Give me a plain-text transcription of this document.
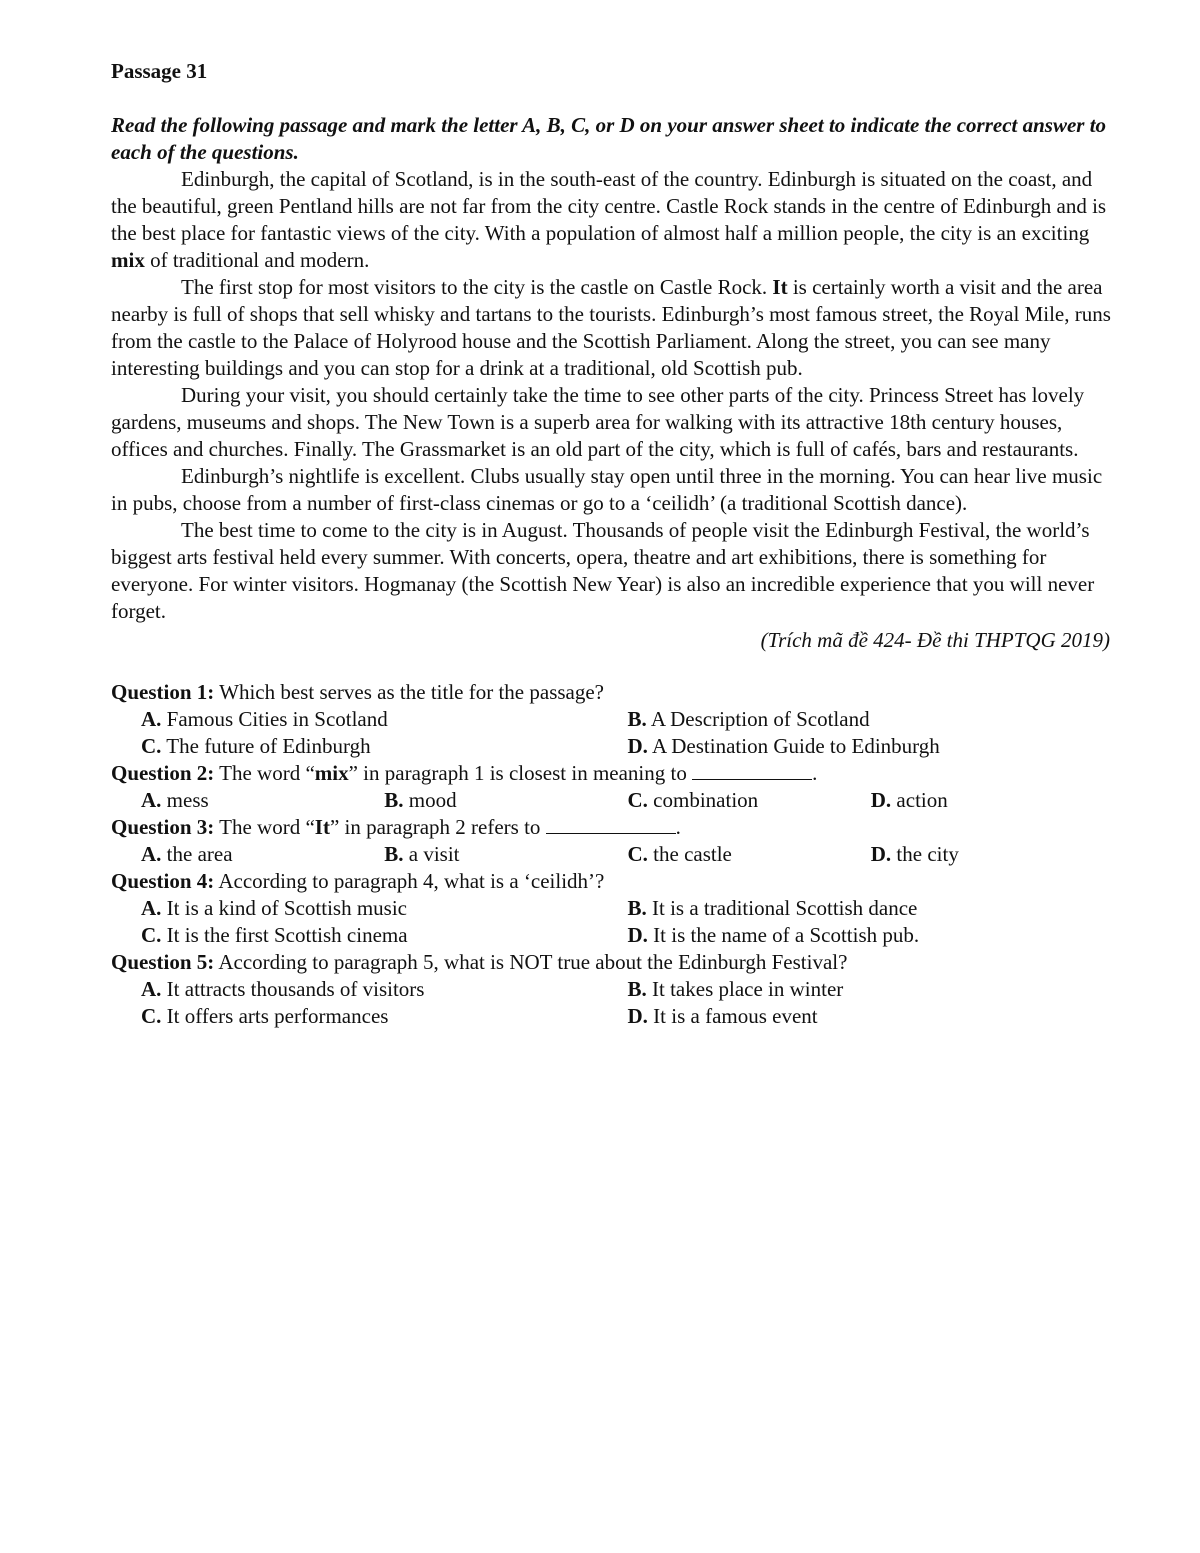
Passage 31

Read the following passage and mark the letter A, B, C, or D on your answer sheet to indicate the correct answer to each of the questions.

Edinburgh, the capital of Scotland, is in the south-east of the country. Edinburgh is situated on the coast, and the beautiful, green Pentland hills are not far from the city centre. Castle Rock stands in the centre of Edinburgh and is the best place for fantastic views of the city. With a population of almost half a million people, the city is an exciting mix of traditional and modern.

The first stop for most visitors to the city is the castle on Castle Rock. It is certainly worth a visit and the area nearby is full of shops that sell whisky and tartans to the tourists. Edinburgh’s most famous street, the Royal Mile, runs from the castle to the Palace of Holyrood house and the Scottish Parliament. Along the street, you can see many interesting buildings and you can stop for a drink at a traditional, old Scottish pub.

During your visit, you should certainly take the time to see other parts of the city. Princess Street has lovely gardens, museums and shops. The New Town is a superb area for walking with its attractive 18th century houses, offices and churches. Finally. The Grassmarket is an old part of the city, which is full of cafés, bars and restaurants.

Edinburgh’s nightlife is excellent. Clubs usually stay open until three in the morning. You can hear live music in pubs, choose from a number of first-class cinemas or go to a ‘ceilidh’ (a traditional Scottish dance).

The best time to come to the city is in August. Thousands of people visit the Edinburgh Festival, the world’s biggest arts festival held every summer. With concerts, opera, theatre and art exhibitions, there is something for everyone. For winter visitors. Hogmanay (the Scottish New Year) is also an incredible experience that you will never forget.

(Trích mã đề 424- Đề thi THPTQG 2019)

Question 1: Which best serves as the title for the passage?

A. Famous Cities in Scotland	B. A Description of Scotland
C. The future of Edinburgh	D. A Destination Guide to Edinburgh

Question 2: The word “mix” in paragraph 1 is closest in meaning to	.

A. mess	B. mood	C. combination	D. action

Question 3: The word “It” in paragraph 2 refers to	.

A. the area	B. a visit	C. the castle	D. the city

Question 4: According to paragraph 4, what is a ‘ceilidh’?

A. It is a kind of Scottish music	B. It is a traditional Scottish dance
C. It is the first Scottish cinema	D. It is the name of a Scottish pub.

Question 5: According to paragraph 5, what is NOT true about the Edinburgh Festival?

A. It attracts thousands of visitors	B. It takes place in winter
C. It offers arts performances	D. It is a famous event
